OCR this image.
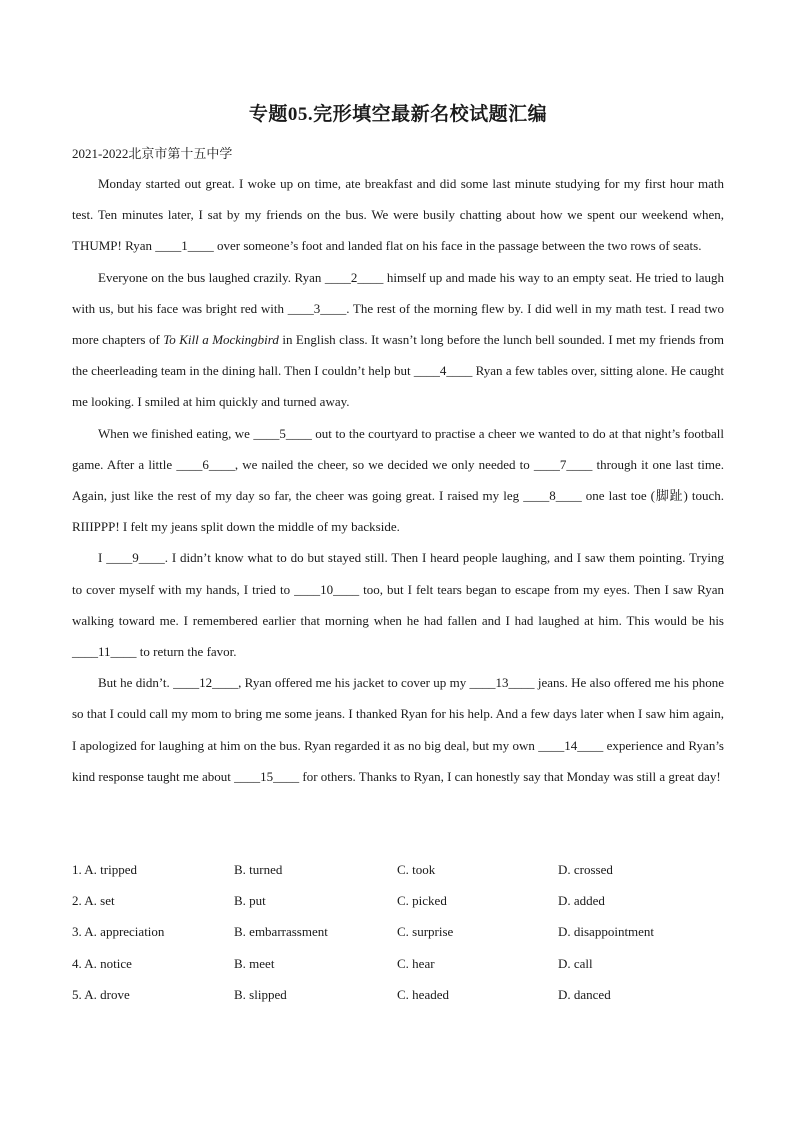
专题05.完形填空最新名校试题汇编
2021-2022北京市第十五中学

Monday started out great. I woke up on time, ate breakfast and did some last minute studying for my first hour math test. Ten minutes later, I sat by my friends on the bus. We were busily chatting about how we spent our weekend when, THUMP! Ryan ____1____ over someone’s foot and landed flat on his face in the passage between the two rows of seats.

Everyone on the bus laughed crazily. Ryan ____2____ himself up and made his way to an empty seat. He tried to laugh with us, but his face was bright red with ____3____. The rest of the morning flew by. I did well in my math test. I read two more chapters of To Kill a Mockingbird in English class. It wasn’t long before the lunch bell sounded. I met my friends from the cheerleading team in the dining hall. Then I couldn’t help but ____4____ Ryan a few tables over, sitting alone. He caught me looking. I smiled at him quickly and turned away.

When we finished eating, we ____5____ out to the courtyard to practise a cheer we wanted to do at that night’s football game. After a little ____6____, we nailed the cheer, so we decided we only needed to ____7____ through it one last time. Again, just like the rest of my day so far, the cheer was going great. I raised my leg ____8____ one last toe (脚趾) touch. RIIIPPP! I felt my jeans split down the middle of my backside.

I ____9____. I didn’t know what to do but stayed still. Then I heard people laughing, and I saw them pointing. Trying to cover myself with my hands, I tried to ____10____ too, but I felt tears began to escape from my eyes. Then I saw Ryan walking toward me. I remembered earlier that morning when he had fallen and I had laughed at him. This would be his ____11____ to return the favor.

But he didn’t. ____12____, Ryan offered me his jacket to cover up my ____13____ jeans. He also offered me his phone so that I could call my mom to bring me some jeans. I thanked Ryan for his help. And a few days later when I saw him again, I apologized for laughing at him on the bus. Ryan regarded it as no big deal, but my own ____14____ experience and Ryan’s kind response taught me about ____15____ for others. Thanks to Ryan, I can honestly say that Monday was still a great day!

1. A. tripped	B. turned	C. took	D. crossed
2. A. set	B. put	C. picked	D. added
3. A. appreciation	B. embarrassment	C. surprise	D. disappointment
4. A. notice	B. meet	C. hear	D. call
5. A. drove	B. slipped	C. headed	D. danced
